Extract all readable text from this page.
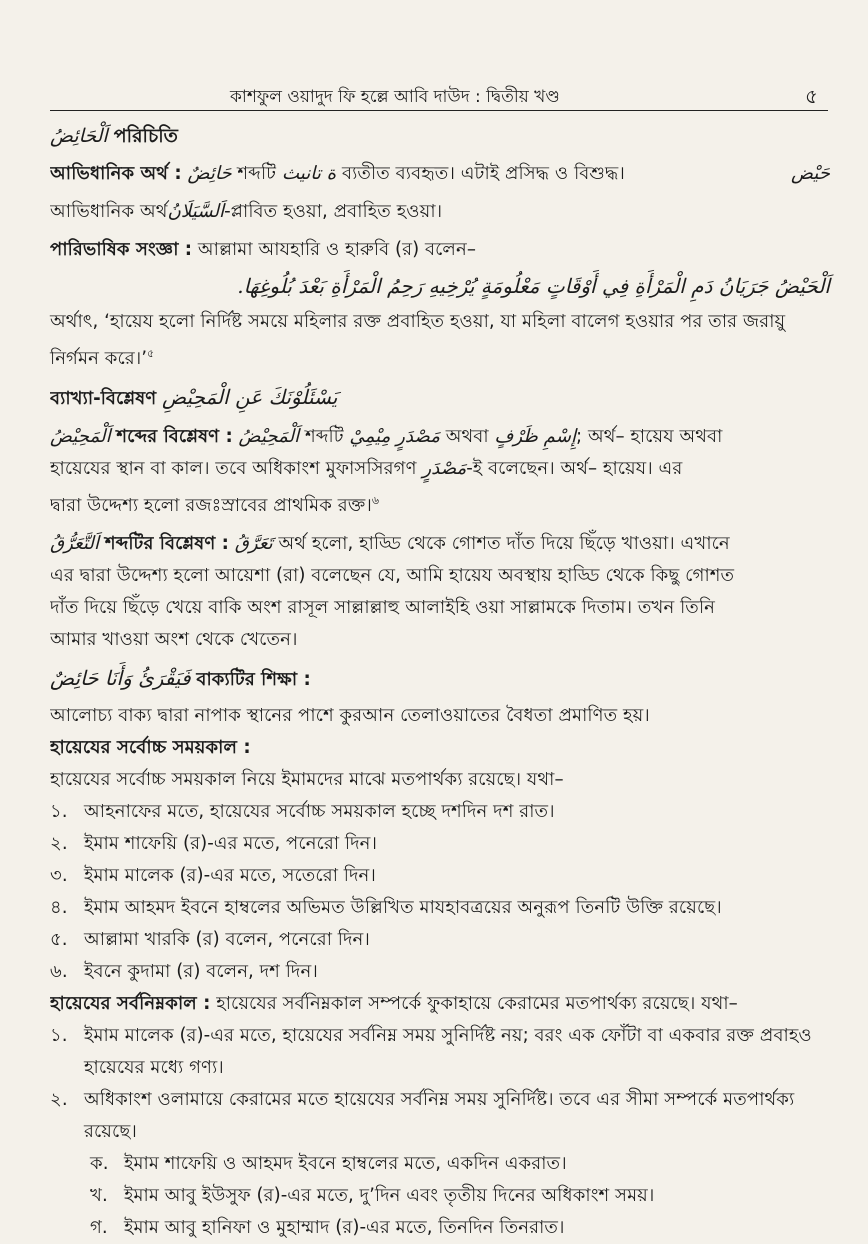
কাশফুল ওয়াদুদ ফি হল্লে আবি দাউদ : দ্বিতীয় খণ্ড	৫

اَلْحَائِضُ পরিচিতি

আভিধানিক অর্থ : حَائِضٌ শব্দটি ة تانيث ব্যতীত ব্যবহৃত। এটাই প্রসিদ্ধ ও বিশুদ্ধ।	حَيْض

আভিধানিক অর্থاَلسَّيَلَانُ-প্লাবিত হওয়া, প্রবাহিত হওয়া।

পারিভাষিক সংজ্ঞা : আল্লামা আযহারি ও হারুবি (র) বলেন–

اَلْحَيْضُ جَرَيَانُ دَمِ الْمَرْأَةِ فِي أَوْقَاتٍ مَعْلُومَةٍ يُرْخِيهِ رَحِمُ الْمَرْأَةِ بَعْدَ بُلُوغِهَا.

অর্থাৎ, ‘হায়েয হলো নির্দিষ্ট সময়ে মহিলার রক্ত প্রবাহিত হওয়া, যা মহিলা বালেগ হওয়ার পর তার জরায়ু নির্গমন করে।’$^৫$

ব্যাখ্যা-বিশ্লেষণ يَسْئَلُوْنَكَ عَنِ الْمَحِيْضِ

اَلْمَحِيْضُ শব্দের বিশ্লেষণ : اَلْمَحِيْضُ শব্দটি مَصْدَرٍ مِيْمِيْ অথবা إِسْمِ ظَرْفٍ; অর্থ– হায়েয অথবা
হায়েযের স্থান বা কাল। তবে অধিকাংশ মুফাসসিরগণ مَصْدَرٍ-ই বলেছেন। অর্থ– হায়েয। এর
দ্বারা উদ্দেশ্য হলো রজঃস্রাবের প্রাথমিক রক্ত।$^৬$

اَلتَّعَرُّقُ শব্দটির বিশ্লেষণ : تَعَرَّقُ অর্থ হলো, হাড্ডি থেকে গোশত দাঁত দিয়ে ছিঁড়ে খাওয়া। এখানে
এর দ্বারা উদ্দেশ্য হলো আয়েশা (রা) বলেছেন যে, আমি হায়েয অবস্থায় হাড্ডি থেকে কিছু গোশত
দাঁত দিয়ে ছিঁড়ে খেয়ে বাকি অংশ রাসূল সাল্লাল্লাহু আলাইহি ওয়া সাল্লামকে দিতাম। তখন তিনি
আমার খাওয়া অংশ থেকে খেতেন।

فَيَقْرَئُ وَأَنَا حَائِضٌ বাক্যটির শিক্ষা :

আলোচ্য বাক্য দ্বারা নাপাক স্থানের পাশে কুরআন তেলাওয়াতের বৈধতা প্রমাণিত হয়।

হায়েযের সর্বোচ্চ সময়কাল :

হায়েযের সর্বোচ্চ সময়কাল নিয়ে ইমামদের মাঝে মতপার্থক্য রয়েছে। যথা–

১. আহনাফের মতে, হায়েযের সর্বোচ্চ সময়কাল হচ্ছে দশদিন দশ রাত।
২. ইমাম শাফেয়ি (র)-এর মতে, পনেরো দিন।
৩. ইমাম মালেক (র)-এর মতে, সতেরো দিন।
৪. ইমাম আহমদ ইবনে হাম্বলের অভিমত উল্লিখিত মাযহাবত্রয়ের অনুরূপ তিনটি উক্তি রয়েছে।
৫. আল্লামা খারকি (র) বলেন, পনেরো দিন।
৬. ইবনে কুদামা (র) বলেন, দশ দিন।

হায়েযের সর্বনিম্নকাল : হায়েযের সর্বনিম্নকাল সম্পর্কে ফুকাহায়ে কেরামের মতপার্থক্য রয়েছে। যথা–

১. ইমাম মালেক (র)-এর মতে, হায়েযের সর্বনিম্ন সময় সুনির্দিষ্ট নয়; বরং এক ফোঁটা বা একবার রক্ত প্রবাহও হায়েযের মধ্যে গণ্য।
২. অধিকাংশ ওলামায়ে কেরামের মতে হায়েযের সর্বনিম্ন সময় সুনির্দিষ্ট। তবে এর সীমা সম্পর্কে মতপার্থক্য রয়েছে।
ক. ইমাম শাফেয়ি ও আহমদ ইবনে হাম্বলের মতে, একদিন একরাত।
খ. ইমাম আবু ইউসুফ (র)-এর মতে, দু’দিন এবং তৃতীয় দিনের অধিকাংশ সময়।
গ. ইমাম আবু হানিফা ও মুহাম্মাদ (র)-এর মতে, তিনদিন তিনরাত।
